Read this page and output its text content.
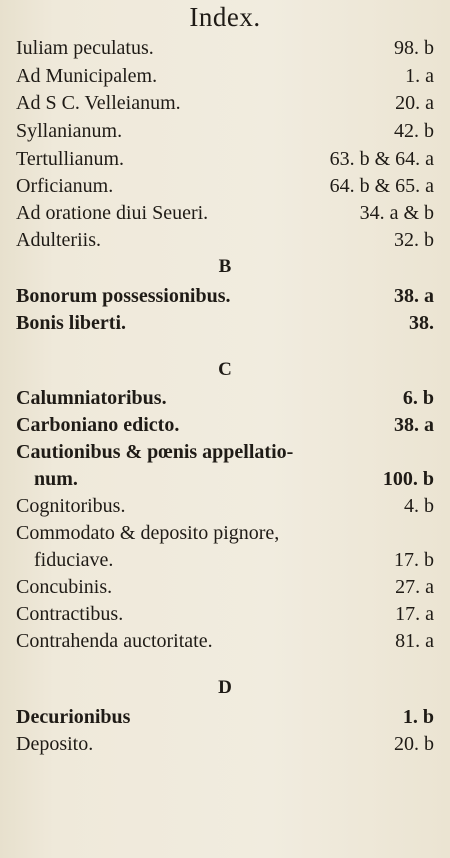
Index.
Iuliam peculatus.	98. b
Ad Municipalem.	1. a
Ad S C. Velleianum.	20. a
Syllanianum.	42. b
Tertullianum.	63. b & 64. a
Orficianum.	64. b & 65. a
Ad oratione diui Seueri.	34. a & b
Adulteriis.	32. b
B
Bonorum possessionibus.	38. a
Bonis liberti.	38.
C
Calumniatoribus.	6. b
Carboniano edicto.	38. a
Cautionibus & pœnis appellatio-
num.	100. b
Cognitoribus.	4. b
Commodato & deposito pignore,
fiduciave.	17. b
Concubinis.	27. a
Contractibus.	17. a
Contrahenda auctoritate.	81. a
D
Decurionibus	1. b
Deposito.	20. b
